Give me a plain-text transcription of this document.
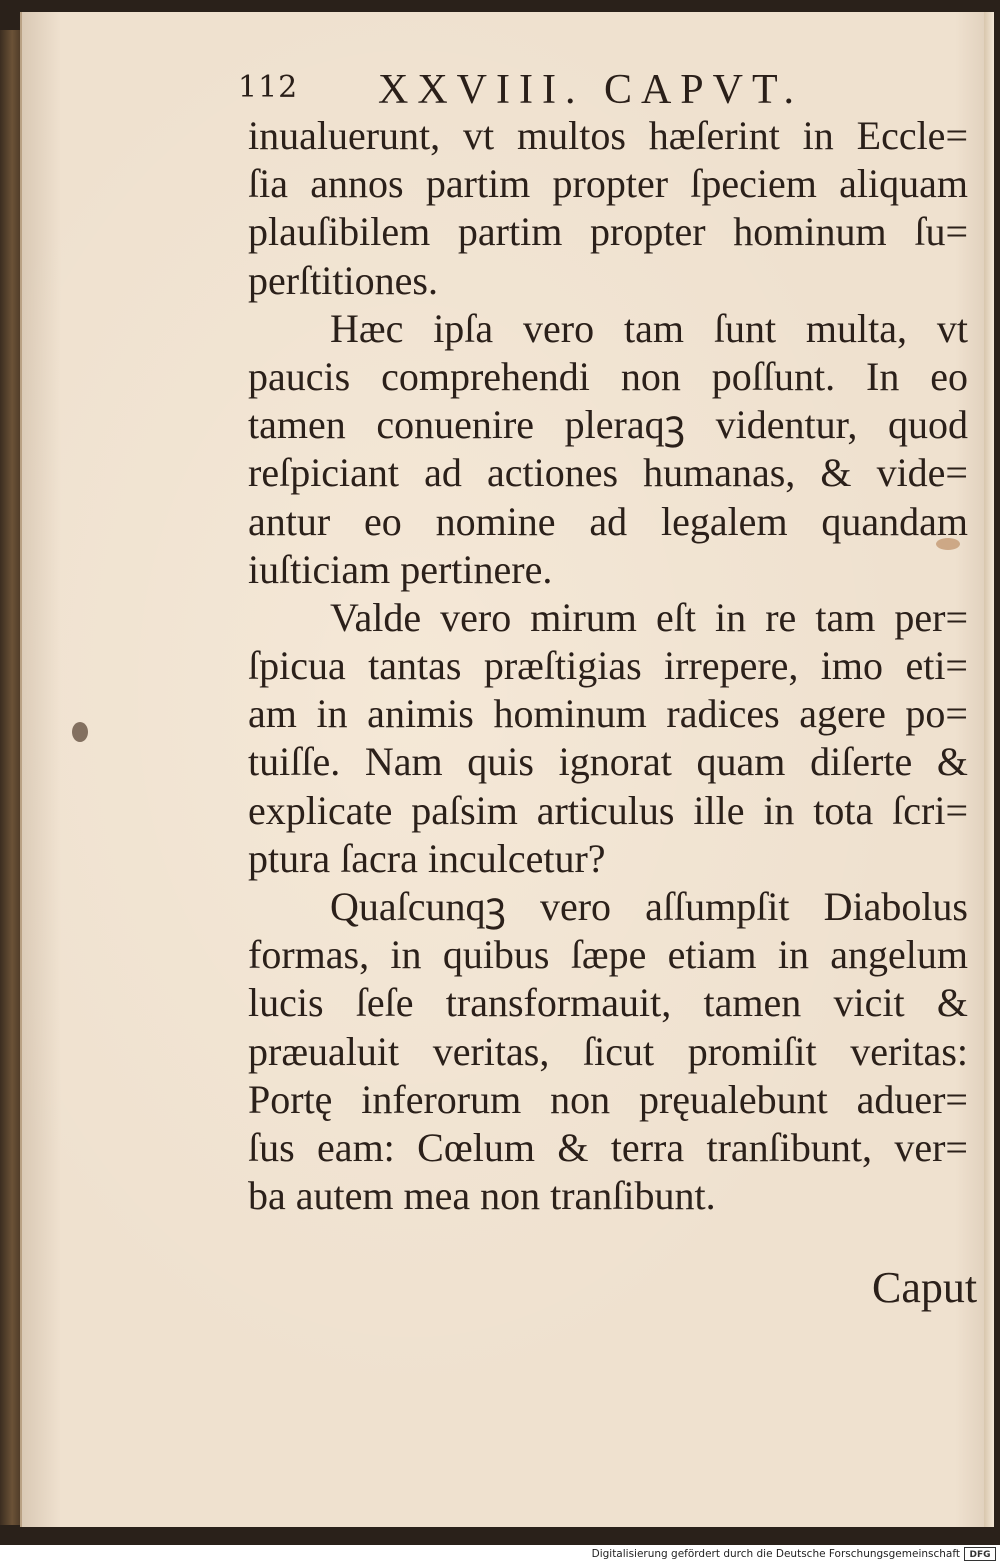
112 XXVIII. CAPVT.
inualuerunt, vt multos hæſerint in Eccle=
ſia annos partim propter ſpeciem aliquam
plauſibilem partim propter hominum ſu=
perſtitiones.
Hæc ipſa vero tam ſunt multa, vt
paucis comprehendi non poſſunt. In eo
tamen conuenire pleraqꝫ videntur, quod
reſpiciant ad actiones humanas, & vide=
antur eo nomine ad legalem quandam
iuſticiam pertinere.
Valde vero mirum eſt in re tam per=
ſpicua tantas præſtigias irrepere, imo eti=
am in animis hominum radices agere po=
tuiſſe. Nam quis ignorat quam diſerte &
explicate paſsim articulus ille in tota ſcri=
ptura ſacra inculcetur?
Quaſcunqꝫ vero aſſumpſit Diabolus
formas, in quibus ſæpe etiam in angelum
lucis ſeſe transformauit, tamen vicit &
præualuit veritas, ſicut promiſit veritas:
Portę inferorum non pręualebunt aduer=
ſus eam: Cœlum & terra tranſibunt, ver=
ba autem mea non tranſibunt.
Caput
Digitalisierung gefördert durch die Deutsche Forschungsgemeinschaft	DFG
